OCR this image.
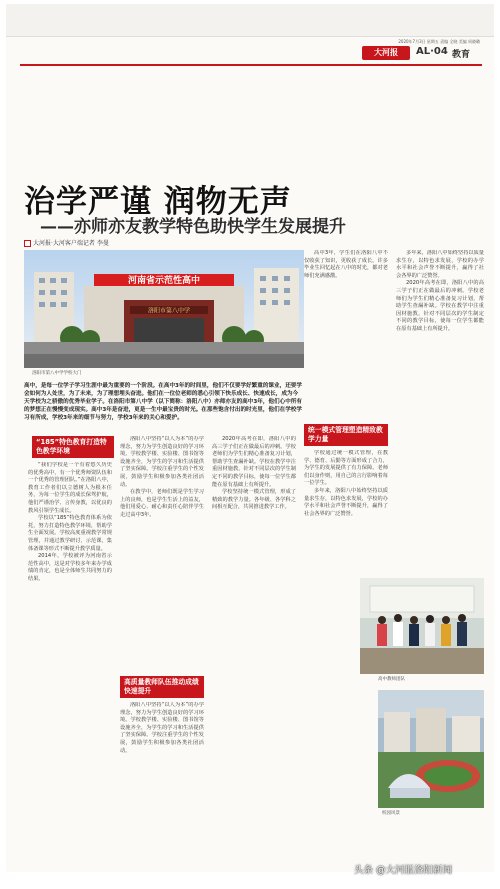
2020年7月3日 星期五 责编 全晓 美编 周晓璐
大河报	AL·04 教育
治学严谨 润物无声
——亦师亦友教学特色助快学生发展提升
大河报·大河客户端记者 李曼
河南省示范性高中
洛阳市第八中学
洛阳市第八中学学校大门
高中，是每一位学子学习生涯中最为重要的一个阶段。在高中3年的时间里，他们不仅要学好繁重的课业，还要学会如何为人处世，为了未来，为了理想埋头奋进。他们在一位位老师的悉心引领下快乐成长、快速成长，成为今天学校为之骄傲的优秀毕业学子。在洛阳市第八中学（以下简称：洛阳八中）亦师亦友的高中3年，他们心中所有的梦想正在慢慢变成现实。高中3年是奋进，更是一生中最宝贵的时光。在那些饱含付出的时光里，他们在学校学习有所成，学校3年来的细节与努力，学校3年来的关心和爱护。
“185”特色教育打造特色教学环境

“我们学校是一个有着悠久历史的优秀高中，有一个优秀师资队伍和一个优秀的管理团队。”在洛阳八中，教育工作者们以立德树人为根本任务，为每一位学生的成长保驾护航，他们严谨治学、言传身教，以优良的教风引领学生成长。

学校以“185”特色教育体系为依托，努力打造特色教学环境，帮助学生全面发展。学校高度重视教学常规管理，并通过教学研讨、示范课、集体备课等形式不断提升教学质量。

2014年，学校被评为河南省示范性高中，这是对学校多年来办学成绩的肯定，也是全体师生共同努力的结果。

洛阳八中坚持“以人为本”的办学理念，努力为学生创造良好的学习环境。学校教学楼、实验楼、图书馆等设施齐全，为学生的学习和生活提供了坚实保障。学校注重学生的个性发展，鼓励学生积极参加各类社团活动。

在教学中，老师们既是学生学习上的良师，也是学生生活上的益友，他们用爱心、耐心和责任心陪伴学生走过高中3年。

高质量教师队伍推动成绩快速提升

洛阳八中坚持“以人为本”的办学理念，努力为学生创造良好的学习环境。学校教学楼、实验楼、图书馆等设施齐全，为学生的学习和生活提供了坚实保障。学校注重学生的个性发展，鼓励学生积极参加各类社团活动。

2020年高考在即，洛阳八中的高三学子们正在做最后的冲刺。学校老师们为学生们精心准备复习计划，帮助学生查漏补缺。学校在教学中注重因材施教，针对不同层次的学生制定不同的教学目标，使每一位学生都能在原有基础上有所提升。

学校坚持统一模式管理，形成了精致的教学力量。各年级、各学科之间相互配合，共同推进教学工作。

高中3年，学生们在洛阳八中不仅收获了知识，更收获了成长。许多毕业生回忆起在八中的时光，都对老师们充满感激。

统一模式管理塑造精致教学力量

学校通过统一模式管理，在教学、德育、后勤等方面形成了合力，为学生的发展提供了有力保障。老师们以身作则，用自己的言行影响着每一位学生。

多年来，洛阳八中始终坚持以质量求生存，以特色求发展，学校的办学水平和社会声誉不断提升，赢得了社会各界的广泛赞誉。

多年来，洛阳八中始终坚持以质量求生存，以特色求发展，学校的办学水平和社会声誉不断提升，赢得了社会各界的广泛赞誉。

2020年高考在即，洛阳八中的高三学子们正在做最后的冲刺。学校老师们为学生们精心准备复习计划，帮助学生查漏补缺。学校在教学中注重因材施教，针对不同层次的学生制定不同的教学目标，使每一位学生都能在原有基础上有所提升。

高中教师团队
校园风景
头条 @大河报洛阳新闻
